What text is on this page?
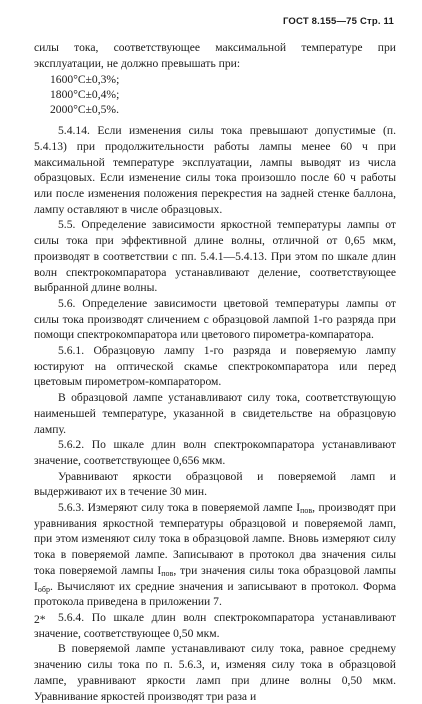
ГОСТ 8.155—75 Стр. 11

силы тока, соответствующее максимальной температуре при эксплуатации, не должно превышать при:

1600°С±0,3%;
1800°С±0,4%;
2000°С±0,5%.

5.4.14. Если изменения силы тока превышают допустимые (п. 5.4.13) при продолжительности работы лампы менее 60 ч при максимальной температуре эксплуатации, лампы выводят из числа образцовых. Если изменение силы тока произошло после 60 ч работы или после изменения положения перекрестия на задней стенке баллона, лампу оставляют в числе образцовых.

5.5. Определение зависимости яркостной температуры лампы от силы тока при эффективной длине волны, отличной от 0,65 мкм, производят в соответствии с пп. 5.4.1—5.4.13. При этом по шкале длин волн спектрокомпаратора устанавливают деление, соответствующее выбранной длине волны.

5.6. Определение зависимости цветовой температуры лампы от силы тока производят сличением с образцовой лампой 1-го разряда при помощи спектрокомпаратора или цветового пирометра-компаратора.

5.6.1. Образцовую лампу 1-го разряда и поверяемую лампу юстируют на оптической скамье спектрокомпаратора или перед цветовым пирометром-компаратором.

В образцовой лампе устанавливают силу тока, соответствующую наименьшей температуре, указанной в свидетельстве на образцовую лампу.

5.6.2. По шкале длин волн спектрокомпаратора устанавливают значение, соответствующее 0,656 мкм.

Уравнивают яркости образцовой и поверяемой ламп и выдерживают их в течение 30 мин.

5.6.3. Измеряют силу тока в поверяемой лампе $I_{пов}$, производят при уравнивания яркостной температуры образцовой и поверяемой ламп, при этом изменяют силу тока в образцовой лампе. Вновь измеряют силу тока в поверяемой лампе. Записывают в протокол два значения силы тока поверяемой лампы $I_{пов}$, три значения силы тока образцовой лампы $I_{обр}$. Вычисляют их средние значения и записывают в протокол. Форма протокола приведена в приложении 7.

5.6.4. По шкале длин волн спектрокомпаратора устанавливают значение, соответствующее 0,50 мкм.

В поверяемой лампе устанавливают силу тока, равное среднему значению силы тока по п. 5.6.3, и, изменяя силу тока в образцовой лампе, уравнивают яркости ламп при длине волны 0,50 мкм. Уравнивание яркостей производят три раза и

2*
